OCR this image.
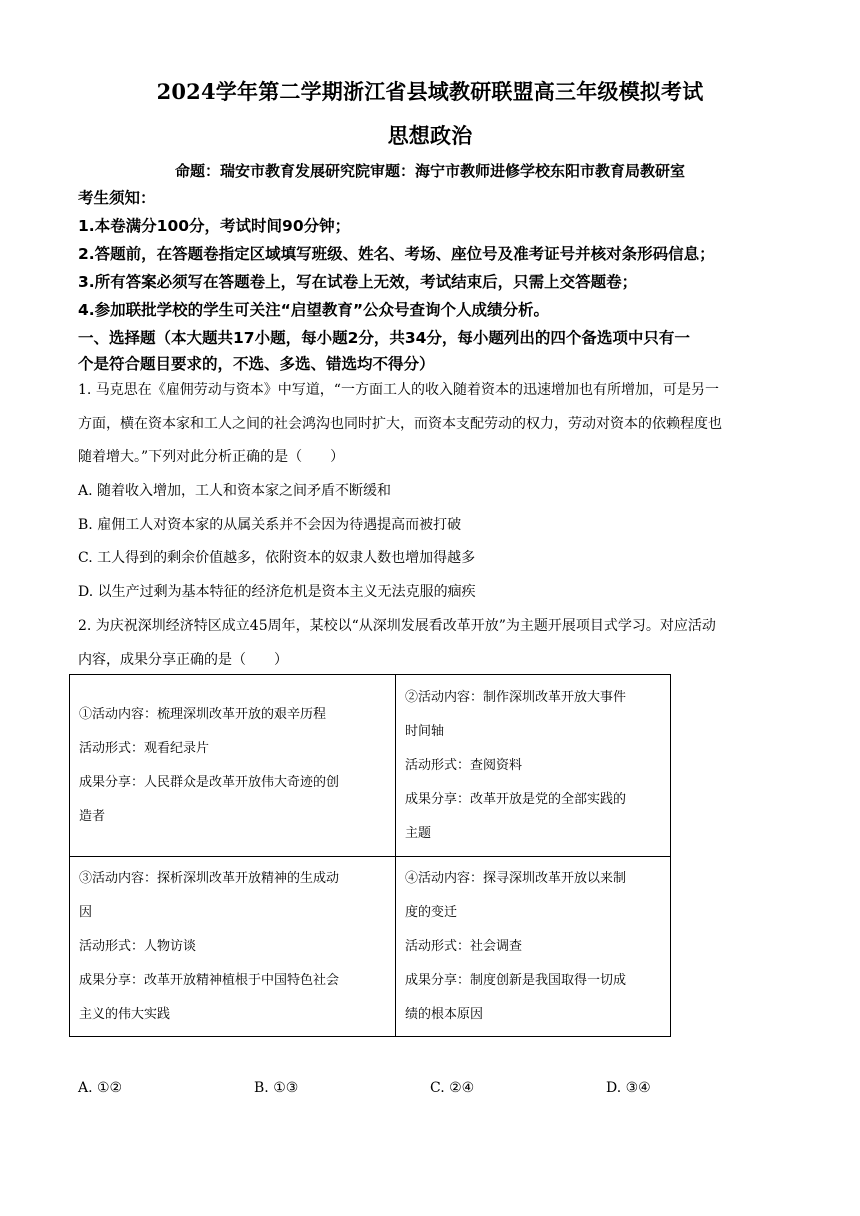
2024学年第二学期浙江省县域教研联盟高三年级模拟考试
思想政治
命题：瑞安市教育发展研究院审题：海宁市教师进修学校东阳市教育局教研室
考生须知：
1.本卷满分100分，考试时间90分钟；
2.答题前，在答题卷指定区域填写班级、姓名、考场、座位号及准考证号并核对条形码信息；
3.所有答案必须写在答题卷上，写在试卷上无效，考试结束后，只需上交答题卷；
4.参加联批学校的学生可关注“启望教育”公众号查询个人成绩分析。
一、选择题（本大题共17小题，每小题2分，共34分，每小题列出的四个备选项中只有一
个是符合题目要求的，不选、多选、错选均不得分）
1. 马克思在《雇佣劳动与资本》中写道，“一方面工人的收入随着资本的迅速增加也有所增加，可是另一
方面，横在资本家和工人之间的社会鸿沟也同时扩大，而资本支配劳动的权力，劳动对资本的依赖程度也
随着增大。”下列对此分析正确的是（　　）
A. 随着收入增加，工人和资本家之间矛盾不断缓和
B. 雇佣工人对资本家的从属关系并不会因为待遇提高而被打破
C. 工人得到的剩余价值越多，依附资本的奴隶人数也增加得越多
D. 以生产过剩为基本特征的经济危机是资本主义无法克服的痼疾
2. 为庆祝深圳经济特区成立45周年，某校以“从深圳发展看改革开放”为主题开展项目式学习。对应活动
内容，成果分享正确的是（　　）
①活动内容：梳理深圳改革开放的艰辛历程
活动形式：观看纪录片
成果分享：人民群众是改革开放伟大奇迹的创
造者	②活动内容：制作深圳改革开放大事件
时间轴
活动形式：查阅资料
成果分享：改革开放是党的全部实践的
主题

③活动内容：探析深圳改革开放精神的生成动
因
活动形式：人物访谈
成果分享：改革开放精神植根于中国特色社会
主义的伟大实践	④活动内容：探寻深圳改革开放以来制
度的变迁
活动形式：社会调查
成果分享：制度创新是我国取得一切成
绩的根本原因
A. ①②	B. ①③	C. ②④	D. ③④
